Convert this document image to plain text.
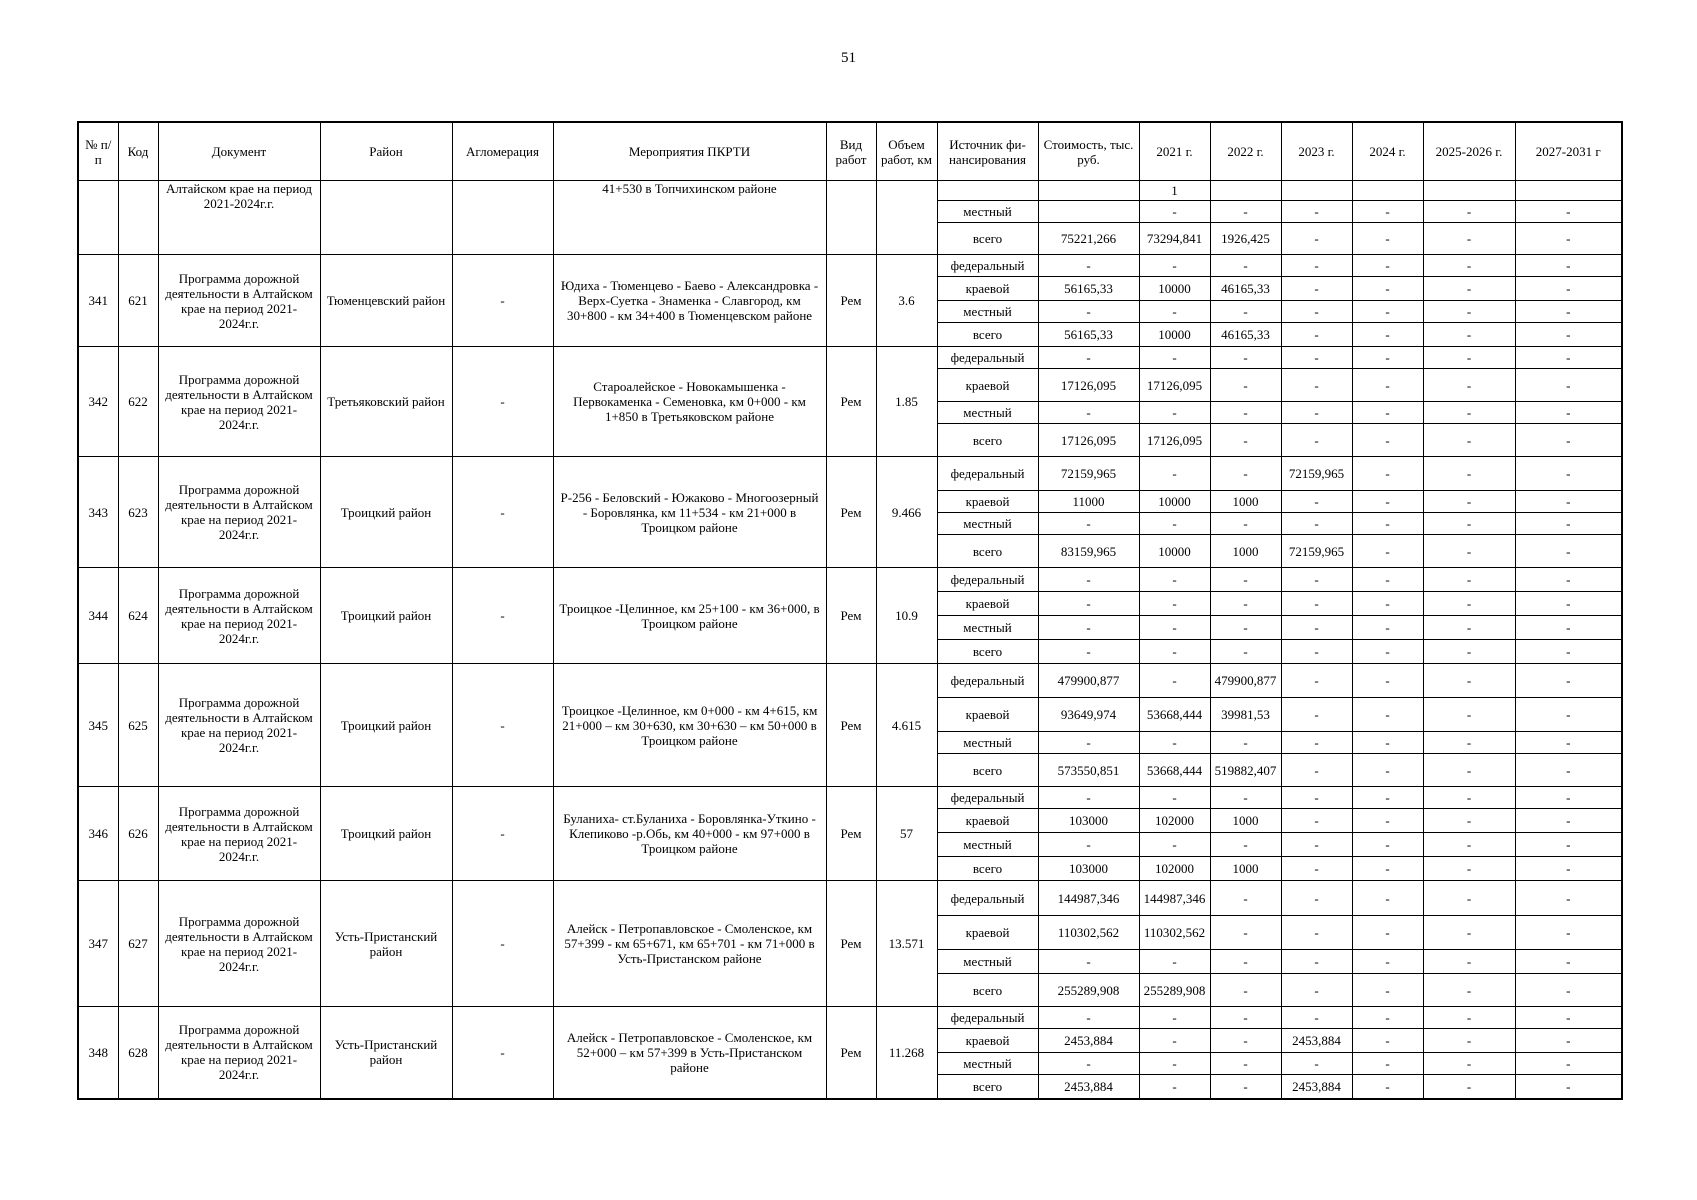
51
№ п/п	Код	Документ	Район	Агломерация	Мероприятия ПКРТИ	Вид работ	Объем работ, км	Источник фи-нансирования	Стоимость, тыс. руб.	2021 г.	2022 г.	2023 г.	2024 г.	2025-2026 г.	2027-2031 г
		Алтайском крае на период 2021-2024г.г.			41+530 в Топчихинском районе					1					
								местный		-	-	-	-	-	-
								всего	75221,266	73294,841	1926,425	-	-	-	-
341	621	Программа дорожной деятельности в Алтайском крае на период 2021-2024г.г.	Тюменцевский район	-	Юдиха - Тюменцево - Баево - Александровка - Верх-Суетка - Знаменка - Славгород, км 30+800 - км 34+400 в Тюменцевском районе	Рем	3.6	федеральный	-	-	-	-	-	-	-
								краевой	56165,33	10000	46165,33	-	-	-	-
								местный	-	-	-	-	-	-	-
								всего	56165,33	10000	46165,33	-	-	-	-
342	622	Программа дорожной деятельности в Алтайском крае на период 2021-2024г.г.	Третьяковский район	-	Староалейское - Новокамышенка - Первокаменка - Семеновка, км 0+000 - км 1+850 в Третьяковском районе	Рем	1.85	федеральный	-	-	-	-	-	-	-
								краевой	17126,095	17126,095	-	-	-	-	-
								местный	-	-	-	-	-	-	-
								всего	17126,095	17126,095	-	-	-	-	-
343	623	Программа дорожной деятельности в Алтайском крае на период 2021-2024г.г.	Троицкий район	-	Р-256 - Беловский - Южаково - Многоозерный - Боровлянка, км 11+534 - км 21+000 в Троицком районе	Рем	9.466	федеральный	72159,965	-	-	72159,965	-	-	-
								краевой	11000	10000	1000	-	-	-	-
								местный	-	-	-	-	-	-	-
								всего	83159,965	10000	1000	72159,965	-	-	-
344	624	Программа дорожной деятельности в Алтайском крае на период 2021-2024г.г.	Троицкий район	-	Троицкое -Целинное, км 25+100 - км 36+000, в Троицком районе	Рем	10.9	федеральный	-	-	-	-	-	-	-
								краевой	-	-	-	-	-	-	-
								местный	-	-	-	-	-	-	-
								всего	-	-	-	-	-	-	-
345	625	Программа дорожной деятельности в Алтайском крае на период 2021-2024г.г.	Троицкий район	-	Троицкое -Целинное, км 0+000 - км 4+615, км 21+000 – км 30+630, км 30+630 – км 50+000 в Троицком районе	Рем	4.615	федеральный	479900,877	-	479900,877	-	-	-	-
								краевой	93649,974	53668,444	39981,53	-	-	-	-
								местный	-	-	-	-	-	-	-
								всего	573550,851	53668,444	519882,407	-	-	-	-
346	626	Программа дорожной деятельности в Алтайском крае на период 2021-2024г.г.	Троицкий район	-	Булaниха- ст.Буланиха - Боровлянка-Уткино - Клепиково -р.Обь, км 40+000 - км 97+000 в Троицком районе	Рем	57	федеральный	-	-	-	-	-	-	-
								краевой	103000	102000	1000	-	-	-	-
								местный	-	-	-	-	-	-	-
								всего	103000	102000	1000	-	-	-	-
347	627	Программа дорожной деятельности в Алтайском крае на период 2021-2024г.г.	Усть-Пристанский район	-	Алейск - Петропавловское - Смоленское, км 57+399 - км 65+671, км 65+701 - км 71+000 в Усть-Пристанском районе	Рем	13.571	федеральный	144987,346	144987,346	-	-	-	-	-
								краевой	110302,562	110302,562	-	-	-	-	-
								местный	-	-	-	-	-	-	-
								всего	255289,908	255289,908	-	-	-	-	-
348	628	Программа дорожной деятельности в Алтайском крае на период 2021-2024г.г.	Усть-Пристанский район	-	Алейск - Петропавловское - Смоленское, км 52+000 – км 57+399 в Усть-Пристанском районе	Рем	11.268	федеральный	-	-	-	-	-	-	-
								краевой	2453,884	-	-	2453,884	-	-	-
								местный	-	-	-	-	-	-	-
								всего	2453,884	-	-	2453,884	-	-	-
